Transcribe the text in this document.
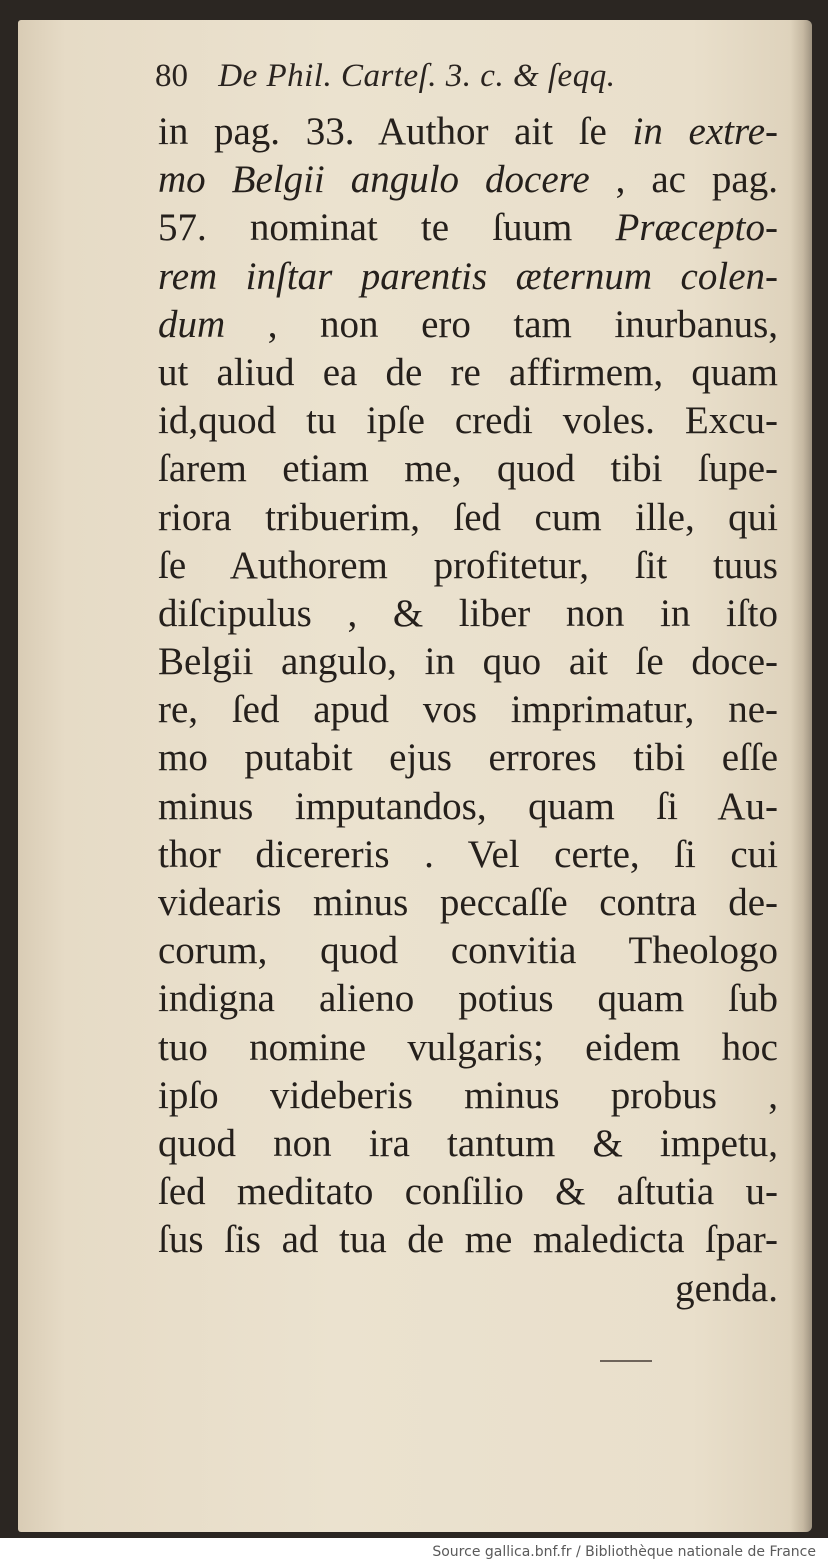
80 De Phil. Carteſ. 3. c. & ſeqq.
in pag. 33. Author ait ſe in extre-
mo Belgii angulo docere , ac pag.
57. nominat te ſuum Præcepto-
rem inſtar parentis æternum colen-
dum , non ero tam inurbanus,
ut aliud ea de re affirmem, quam
id,quod tu ipſe credi voles. Excu-
ſarem etiam me, quod tibi ſupe-
riora tribuerim, ſed cum ille, qui
ſe Authorem profitetur, ſit tuus
diſcipulus , & liber non in iſto
Belgii angulo, in quo ait ſe doce-
re, ſed apud vos imprimatur, ne-
mo putabit ejus errores tibi eſſe
minus imputandos, quam ſi Au-
thor dicereris . Vel certe, ſi cui
videaris minus peccaſſe contra de-
corum, quod convitia Theologo
indigna alieno potius quam ſub
tuo nomine vulgaris; eidem hoc
ipſo videberis minus probus ,
quod non ira tantum & impetu,
ſed meditato conſilio & aſtutia u-
ſus ſis ad tua de me maledicta ſpar-
genda.
Source gallica.bnf.fr / Bibliothèque nationale de France
